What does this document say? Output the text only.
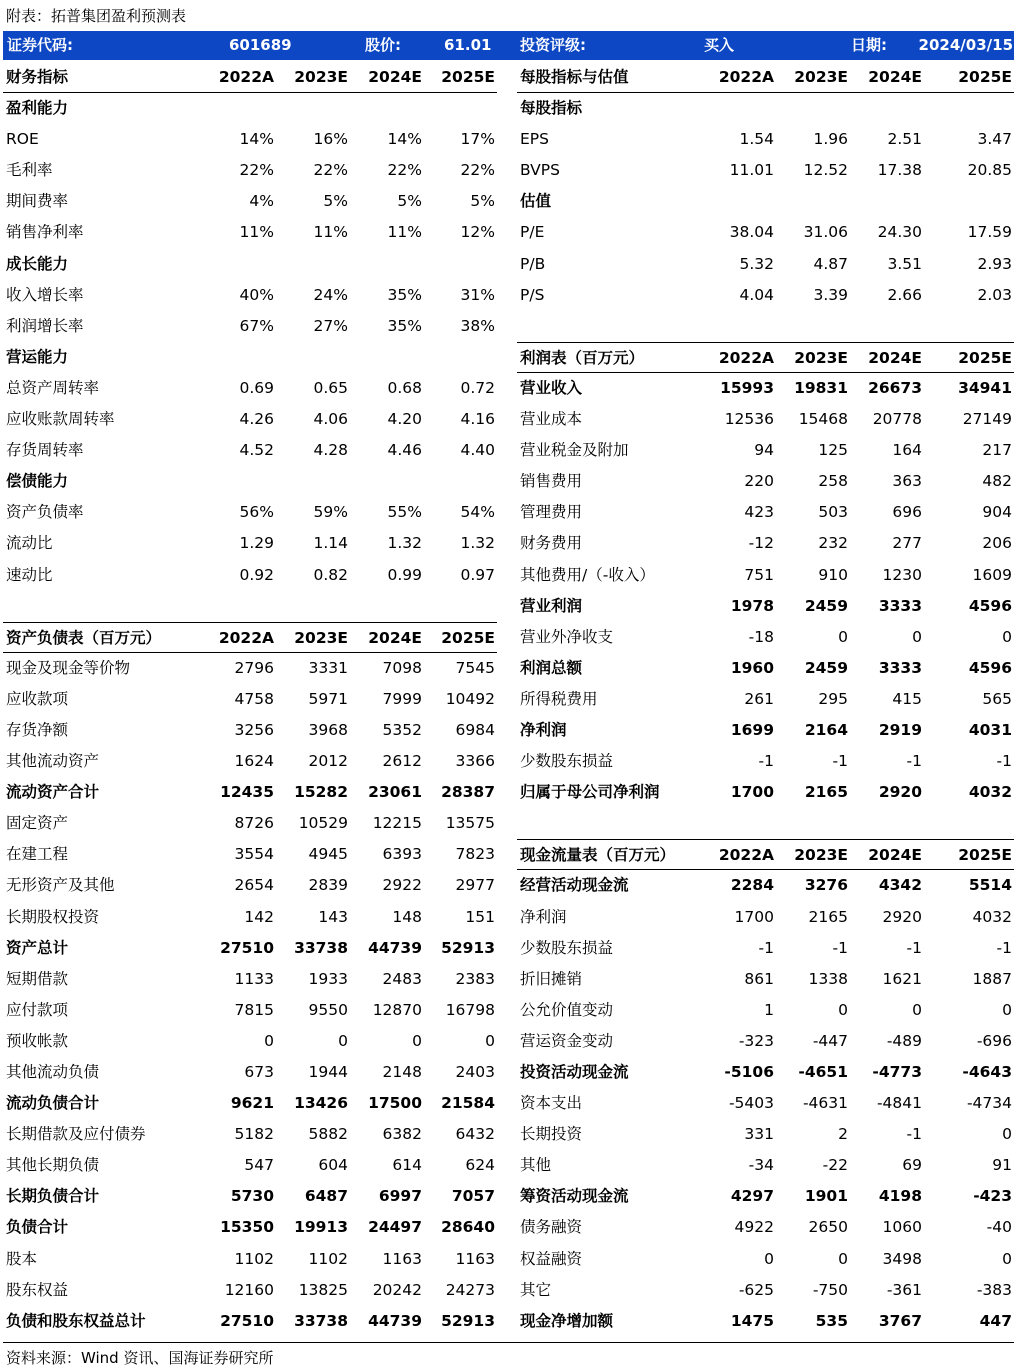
附表：拓普集团盈利预测表
证券代码:	601689	股价:	61.01 投资评级:	买入	日期: 2024/03/15
财务指标	2022A 2023E 2024E 2025E
盈利能力
ROE	14%	16%	14% 17%
毛利率	22%	22%	22% 22%
期间费率	4%	5%	5%	5%
销售净利率	11%	11%	11% 12%
成长能力
收入增长率	40%	24%	35% 31%
利润增长率	67%	27%	35% 38%
营运能力
总资产周转率	0.69	0.65	0.68 0.72
应收账款周转率	4.26	4.06	4.20 4.16
存货周转率	4.52	4.28	4.46 4.40
偿债能力
资产负债率	56%	59%	55% 54%
流动比	1.29	1.14	1.32 1.32
速动比	0.92	0.82	0.99 0.97
资产负债表（百万元）	2022A 2023E 2024E 2025E
现金及现金等价物	2796 3331 7098 7545
应收款项	4758 5971 7999 10492
存货净额	3256 3968 5352 6984
其他流动资产	1624 2012 2612 3366
流动资产合计	12435 15282 23061 28387
固定资产	8726 10529 12215 13575
在建工程	3554 4945 6393 7823
无形资产及其他	2654 2839 2922 2977
长期股权投资	142	143	148	151
资产总计	27510 33738 44739 52913
短期借款	1133 1933 2483 2383
应付款项	7815 9550 12870 16798
预收帐款	0	0	0	0
其他流动负债	673 1944 2148 2403
流动负债合计	9621 13426 17500 21584
长期借款及应付债券	5182 5882 6382 6432
其他长期负债	547	604	614	624
长期负债合计	5730 6487 6997 7057
负债合计	15350 19913 24497 28640
股本	1102 1102 1163 1163
股东权益	12160 13825 20242 24273
负债和股东权益总计	27510 33738 44739 52913
每股指标与估值	2022A 2023E 2024E 2025E
每股指标
EPS	1.54	1.96	2.51	3.47
BVPS	11.01 12.52 17.38	20.85
估值
P/E	38.04 31.06 24.30	17.59
P/B	5.32	4.87	3.51	2.93
P/S	4.04	3.39	2.66	2.03
利润表（百万元）	2022A 2023E 2024E 2025E
营业收入	15993 19831 26673 34941
营业成本	12536 15468 20778	27149
营业税金及附加	94	125	164	217
销售费用	220	258	363	482
管理费用	423	503	696	904
财务费用	-12	232	277	206
其他费用/（-收入）	751	910 1230	1609
营业利润	1978 2459 3333	4596
营业外净收支	-18	0	0	0
利润总额	1960 2459 3333	4596
所得税费用	261	295	415	565
净利润	1699 2164 2919	4031
少数股东损益	-1	-1	-1	-1
归属于母公司净利润	1700 2165 2920	4032
现金流量表（百万元）	2022A 2023E 2024E 2025E
经营活动现金流	2284 3276 4342	5514
净利润	1700 2165 2920	4032
少数股东损益	-1	-1	-1	-1
折旧摊销	861 1338 1621	1887
公允价值变动	1	0	0	0
营运资金变动	-323	-447	-489	-696
投资活动现金流	-5106 -4651 -4773	-4643
资本支出	-5403 -4631 -4841	-4734
长期投资	331	2	-1	0
其他	-34	-22	69	91
筹资活动现金流	4297 1901 4198	-423
债务融资	4922 2650 1060	-40
权益融资	0	0 3498	0
其它	-625	-750	-361	-383
现金净增加额	1475	535 3767	447
资料来源：Wind 资讯、国海证券研究所
